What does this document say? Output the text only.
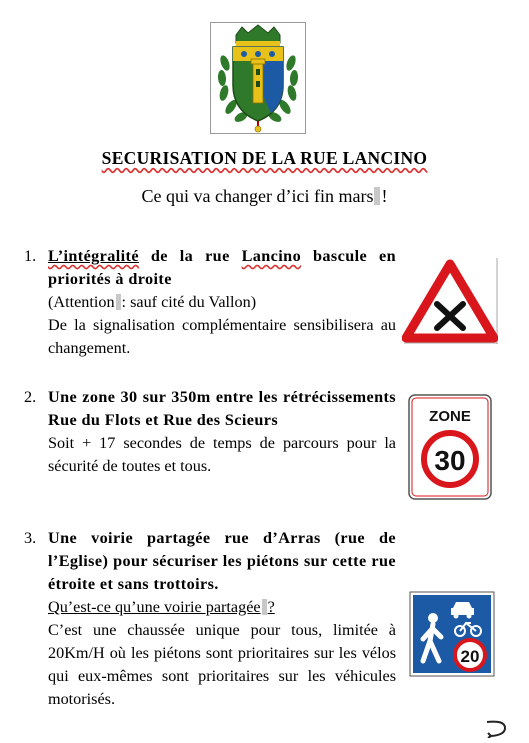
SECURISATION DE LA RUE LANCINO
Ce qui va changer d’ici fin mars !
1. L’intégralité de la rue Lancino bascule en priorités à droite
(Attention : sauf cité du Vallon)
De la signalisation complémentaire sensibilisera au changement.
2. Une zone 30 sur 350m entre les rétrécissements Rue du Flots et Rue des Scieurs
Soit + 17 secondes de temps de parcours pour la sécurité de toutes et tous.
ZONE
30
3. Une voirie partagée rue d’Arras (rue de l’Eglise) pour sécuriser les piétons sur cette rue étroite et sans trottoirs.
Qu’est-ce qu’une voirie partagée ?
C’est une chaussée unique pour tous, limitée à 20Km/H où les piétons sont prioritaires sur les vélos qui eux-mêmes sont prioritaires sur les véhicules motorisés.
20
